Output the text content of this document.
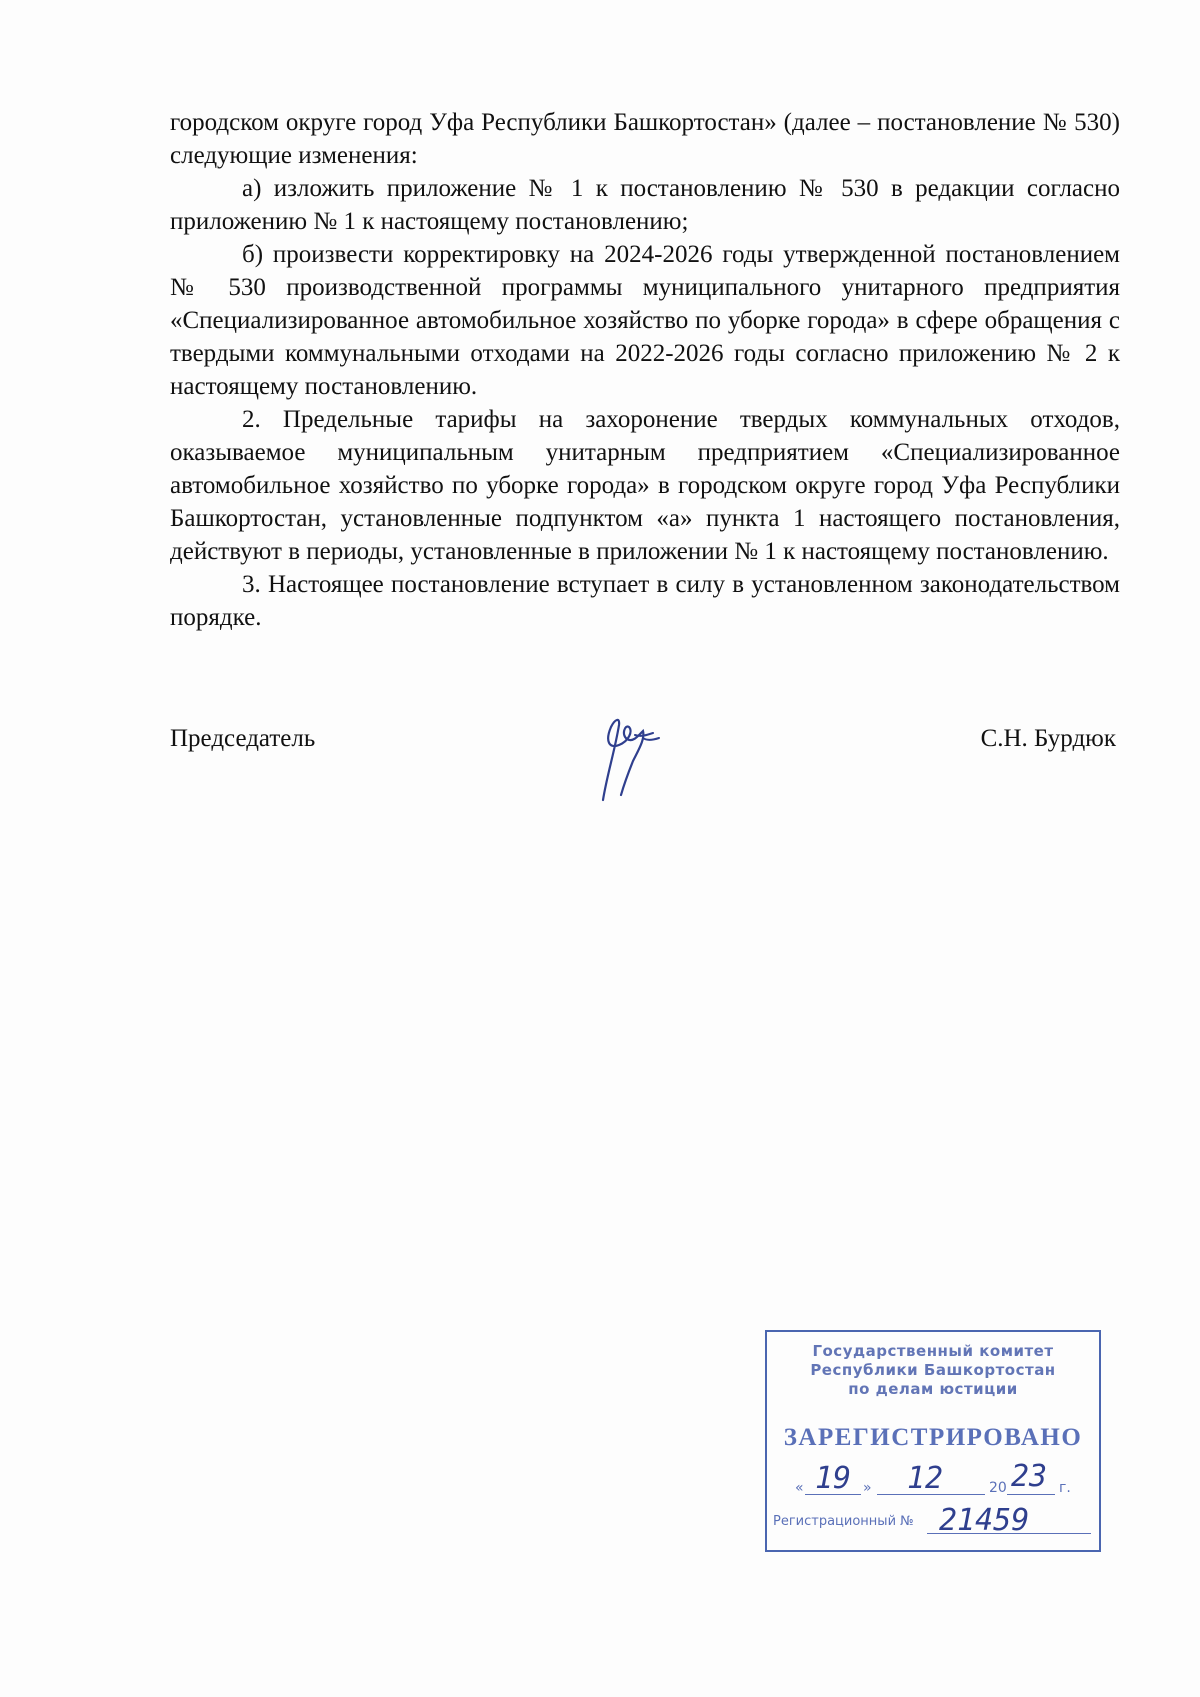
городском округе город Уфа Республики Башкортостан» (далее – постановление № 530) следующие изменения:

а) изложить приложение № 1 к постановлению № 530 в редакции согласно приложению № 1 к настоящему постановлению;

б) произвести корректировку на 2024-2026 годы утвержденной постановлением № 530 производственной программы муниципального унитарного предприятия «Специализированное автомобильное хозяйство по уборке города» в сфере обращения с твердыми коммунальными отходами на 2022-2026 годы согласно приложению № 2 к настоящему постановлению.

2. Предельные тарифы на захоронение твердых коммунальных отходов, оказываемое муниципальным унитарным предприятием «Специализированное автомобильное хозяйство по уборке города» в городском округе город Уфа Республики Башкортостан, установленные подпунктом «а» пункта 1 настоящего постановления, действуют в периоды, установленные в приложении № 1 к настоящему постановлению.

3. Настоящее постановление вступает в силу в установленном законодательством порядке.

Председатель	С.Н. Бурдюк
Государственный комитет
Республики Башкортостан
по делам юстиции
ЗАРЕГИСТРИРОВАНО
« 19 » 12	20 23 г.
Регистрационный № 21459
